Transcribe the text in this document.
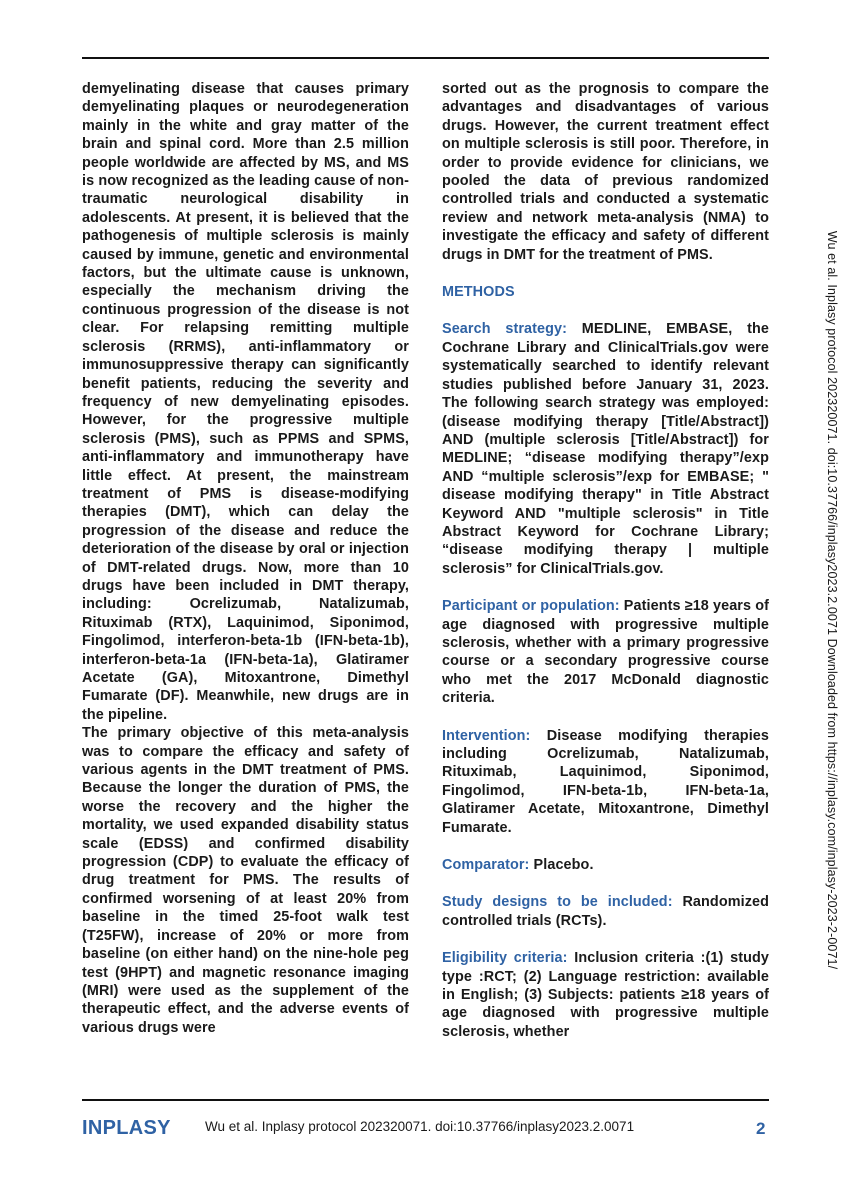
demyelinating disease that causes primary demyelinating plaques or neurodegeneration mainly in the white and gray matter of the brain and spinal cord. More than 2.5 million people worldwide are affected by MS, and MS is now recognized as the leading cause of non-traumatic neurological disability in adolescents. At present, it is believed that the pathogenesis of multiple sclerosis is mainly caused by immune, genetic and environmental factors, but the ultimate cause is unknown, especially the mechanism driving the continuous progression of the disease is not clear. For relapsing remitting multiple sclerosis (RRMS), anti-inflammatory or immunosuppressive therapy can significantly benefit patients, reducing the severity and frequency of new demyelinating episodes. However, for the progressive multiple sclerosis (PMS), such as PPMS and SPMS, anti-inflammatory and immunotherapy have little effect. At present, the mainstream treatment of PMS is disease-modifying therapies (DMT), which can delay the progression of the disease and reduce the deterioration of the disease by oral or injection of DMT-related drugs. Now, more than 10 drugs have been included in DMT therapy, including: Ocrelizumab, Natalizumab, Rituximab (RTX), Laquinimod, Siponimod, Fingolimod, interferon-beta-1b (IFN-beta-1b), interferon-beta-1a (IFN-beta-1a), Glatiramer Acetate (GA), Mitoxantrone, Dimethyl Fumarate (DF). Meanwhile, new drugs are in the pipeline.

The primary objective of this meta-analysis was to compare the efficacy and safety of various agents in the DMT treatment of PMS. Because the longer the duration of PMS, the worse the recovery and the higher the mortality, we used expanded disability status scale (EDSS) and confirmed disability progression (CDP) to evaluate the efficacy of drug treatment for PMS. The results of confirmed worsening of at least 20% from baseline in the timed 25-foot walk test (T25FW), increase of 20% or more from baseline (on either hand) on the nine-hole peg test (9HPT) and magnetic resonance imaging (MRI) were used as the supplement of the therapeutic effect, and the adverse events of various drugs were

sorted out as the prognosis to compare the advantages and disadvantages of various drugs. However, the current treatment effect on multiple sclerosis is still poor. Therefore, in order to provide evidence for clinicians, we pooled the data of previous randomized controlled trials and conducted a systematic review and network meta-analysis (NMA) to investigate the efficacy and safety of different drugs in DMT for the treatment of PMS.

METHODS

Search strategy: MEDLINE, EMBASE, the Cochrane Library and ClinicalTrials.gov were systematically searched to identify relevant studies published before January 31, 2023. The following search strategy was employed: (disease modifying therapy [Title/Abstract]) AND (multiple sclerosis [Title/Abstract]) for MEDLINE; “disease modifying therapy”/exp AND “multiple sclerosis”/exp for EMBASE; " disease modifying therapy" in Title Abstract Keyword AND "multiple sclerosis" in Title Abstract Keyword for Cochrane Library; “disease modifying therapy | multiple sclerosis” for ClinicalTrials.gov.

Participant or population: Patients ≥18 years of age diagnosed with progressive multiple sclerosis, whether with a primary progressive course or a secondary progressive course who met the 2017 McDonald diagnostic criteria.

Intervention: Disease modifying therapies including Ocrelizumab, Natalizumab, Rituximab, Laquinimod, Siponimod, Fingolimod, IFN-beta-1b, IFN-beta-1a, Glatiramer Acetate, Mitoxantrone, Dimethyl Fumarate.

Comparator: Placebo.

Study designs to be included: Randomized controlled trials (RCTs).

Eligibility criteria: Inclusion criteria :(1) study type :RCT; (2) Language restriction: available in English; (3) Subjects: patients ≥18 years of age diagnosed with progressive multiple sclerosis, whether

Wu et al. Inplasy protocol 202320071. doi:10.37766/inplasy2023.2.0071 Downloaded from https://inplasy.com/inplasy-2023-2-0071/
INPLASY	Wu et al. Inplasy protocol 202320071. doi:10.37766/inplasy2023.2.0071	2
